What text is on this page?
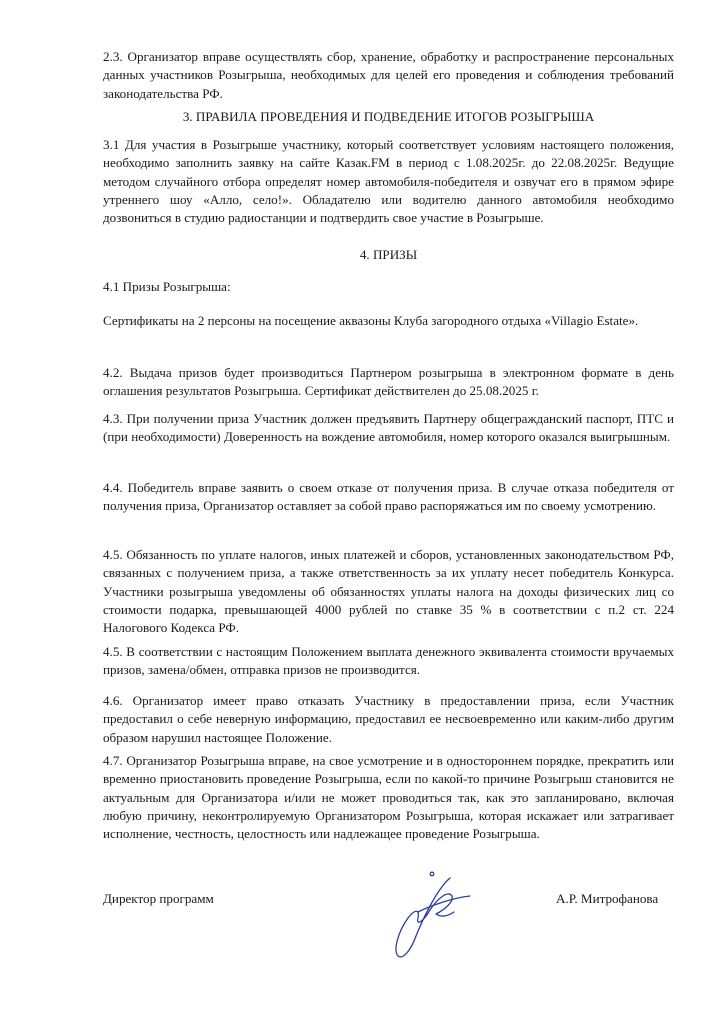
2.3. Организатор вправе осуществлять сбор, хранение, обработку и распространение персональных данных участников Розыгрыша, необходимых для целей его проведения и соблюдения требований законодательства РФ.

3. ПРАВИЛА ПРОВЕДЕНИЯ И ПОДВЕДЕНИЕ ИТОГОВ РОЗЫГРЫША

3.1 Для участия в Розыгрыше участнику, который соответствует условиям настоящего положения, необходимо заполнить заявку на сайте Казак.FM в период с 1.08.2025г. до 22.08.2025г. Ведущие методом случайного отбора определят номер автомобиля-победителя и озвучат его в прямом эфире утреннего шоу «Алло, село!». Обладателю или водителю данного автомобиля необходимо дозвониться в студию радиостанции и подтвердить свое участие в Розыгрыше.

4. ПРИЗЫ

4.1 Призы Розыгрыша:

Сертификаты на 2 персоны на посещение аквазоны Клуба загородного отдыха «Villagio Estate».

4.2. Выдача призов будет производиться Партнером розыгрыша в электронном формате в день оглашения результатов Розыгрыша. Сертификат действителен до 25.08.2025 г.

4.3. При получении приза Участник должен предъявить Партнеру общегражданский паспорт, ПТС и (при необходимости) Доверенность на вождение автомобиля, номер которого оказался выигрышным.

4.4. Победитель вправе заявить о своем отказе от получения приза. В случае отказа победителя от получения приза, Организатор оставляет за собой право распоряжаться им по своему усмотрению.

4.5. Обязанность по уплате налогов, иных платежей и сборов, установленных законодательством РФ, связанных с получением приза, а также ответственность за их уплату несет победитель Конкурса. Участники розыгрыша уведомлены об обязанностях уплаты налога на доходы физических лиц со стоимости подарка, превышающей 4000 рублей по ставке 35 % в соответствии с п.2 ст. 224 Налогового Кодекса РФ.

4.5. В соответствии с настоящим Положением выплата денежного эквивалента стоимости вручаемых призов, замена/обмен, отправка призов не производится.

4.6. Организатор имеет право отказать Участнику в предоставлении приза, если Участник предоставил о себе неверную информацию, предоставил ее несвоевременно или каким-либо другим образом нарушил настоящее Положение.

4.7. Организатор Розыгрыша вправе, на свое усмотрение и в одностороннем порядке, прекратить или временно приостановить проведение Розыгрыша, если по какой-то причине Розыгрыш становится не актуальным для Организатора и/или не может проводиться так, как это запланировано, включая любую причину, неконтролируемую Организатором Розыгрыша, которая искажает или затрагивает исполнение, честность, целостность или надлежащее проведение Розыгрыша.

Директор программ	А.Р. Митрофанова
